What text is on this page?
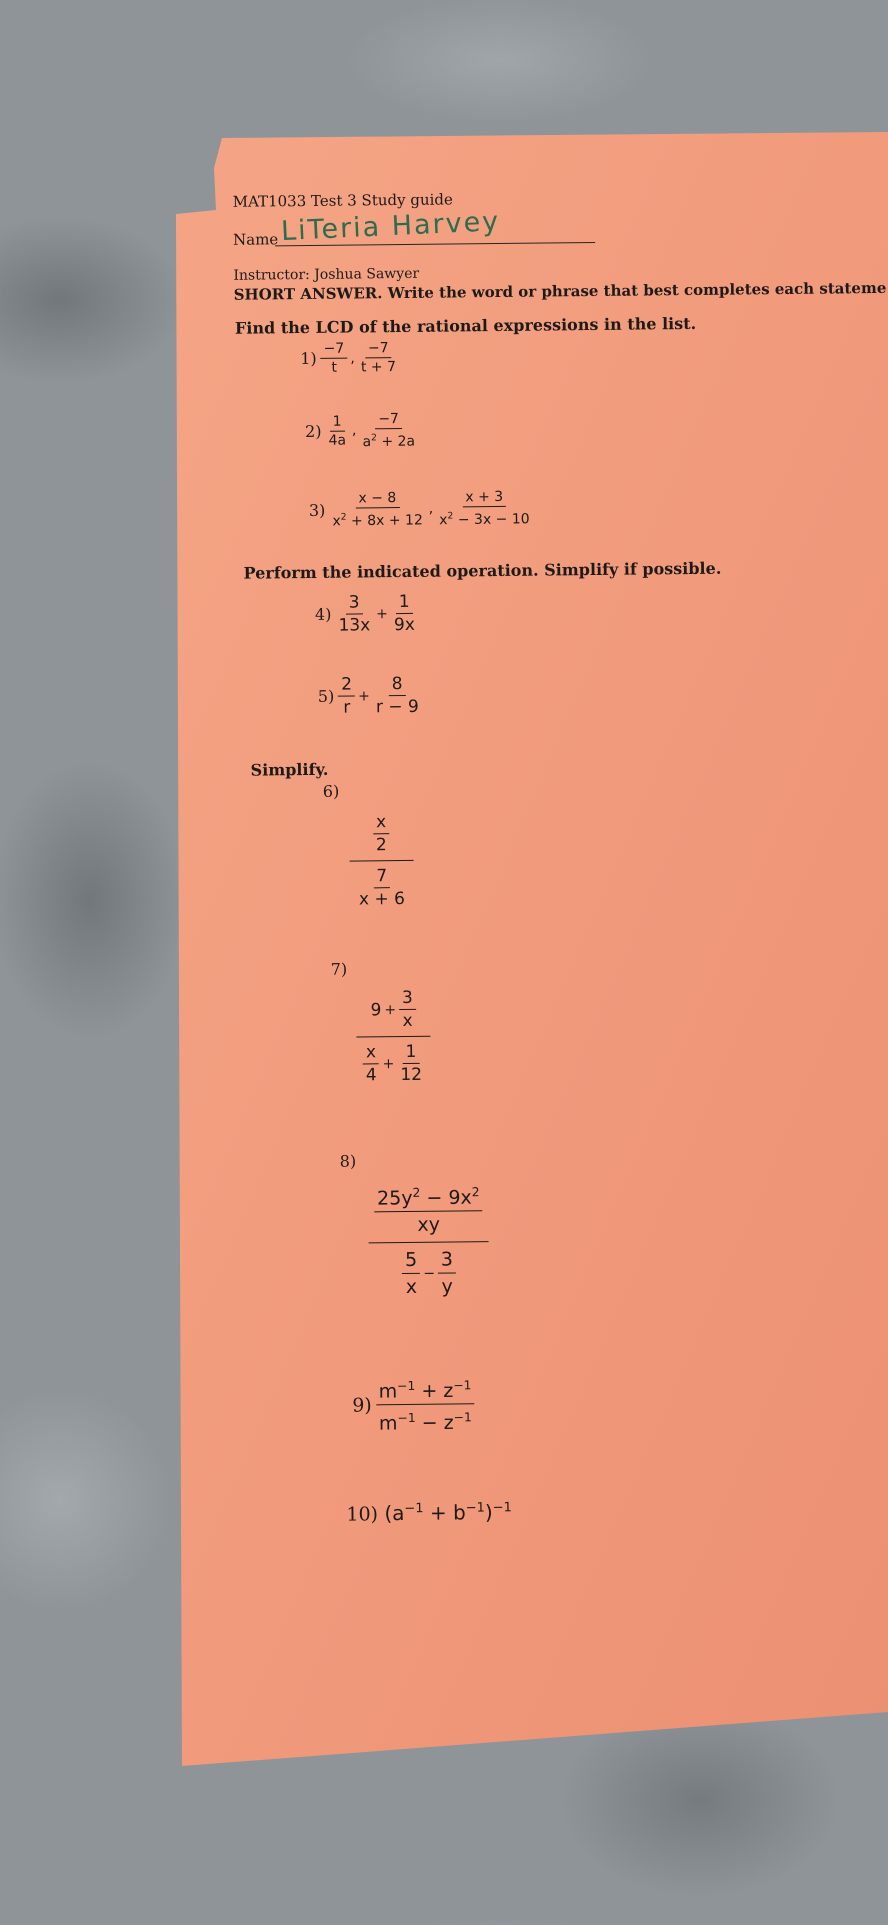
MAT1033 Test 3 Study guide
Name LiTeria Harvey
Instructor: Joshua Sawyer
SHORT ANSWER. Write the word or phrase that best completes each stateme
Find the LCD of the rational expressions in the list.
$1) \frac{-7}{t}$ , $\frac{-7}{t + 7}$
$2) \frac{1}{4a}$ , $\frac{-7}{a^2 + 2a}$
$3) \frac{x - 8}{x^2 + 8x + 12}$ , $\frac{x + 3}{x^2 - 3x - 10}$
Perform the indicated operation. Simplify if possible.
$4) \frac{3}{13x} + \frac{1}{9x}$
$5) \frac{2}{r} + \frac{8}{r - 9}$
Simplify.
6)
$\frac{\frac{x}{2}}{\frac{7}{x + 6}}$
7)
$\frac{9 + \frac{3}{x}}{\frac{x}{4} + \frac{1}{12}}$
8)
$\frac{\frac{25y^2 - 9x^2}{xy}}{\frac{5}{x} - \frac{3}{y}}$
$9) \frac{m^{-1} + z^{-1}}{m^{-1} - z^{-1}}$
10) $(a^{-1} + b^{-1})^{-1}$
